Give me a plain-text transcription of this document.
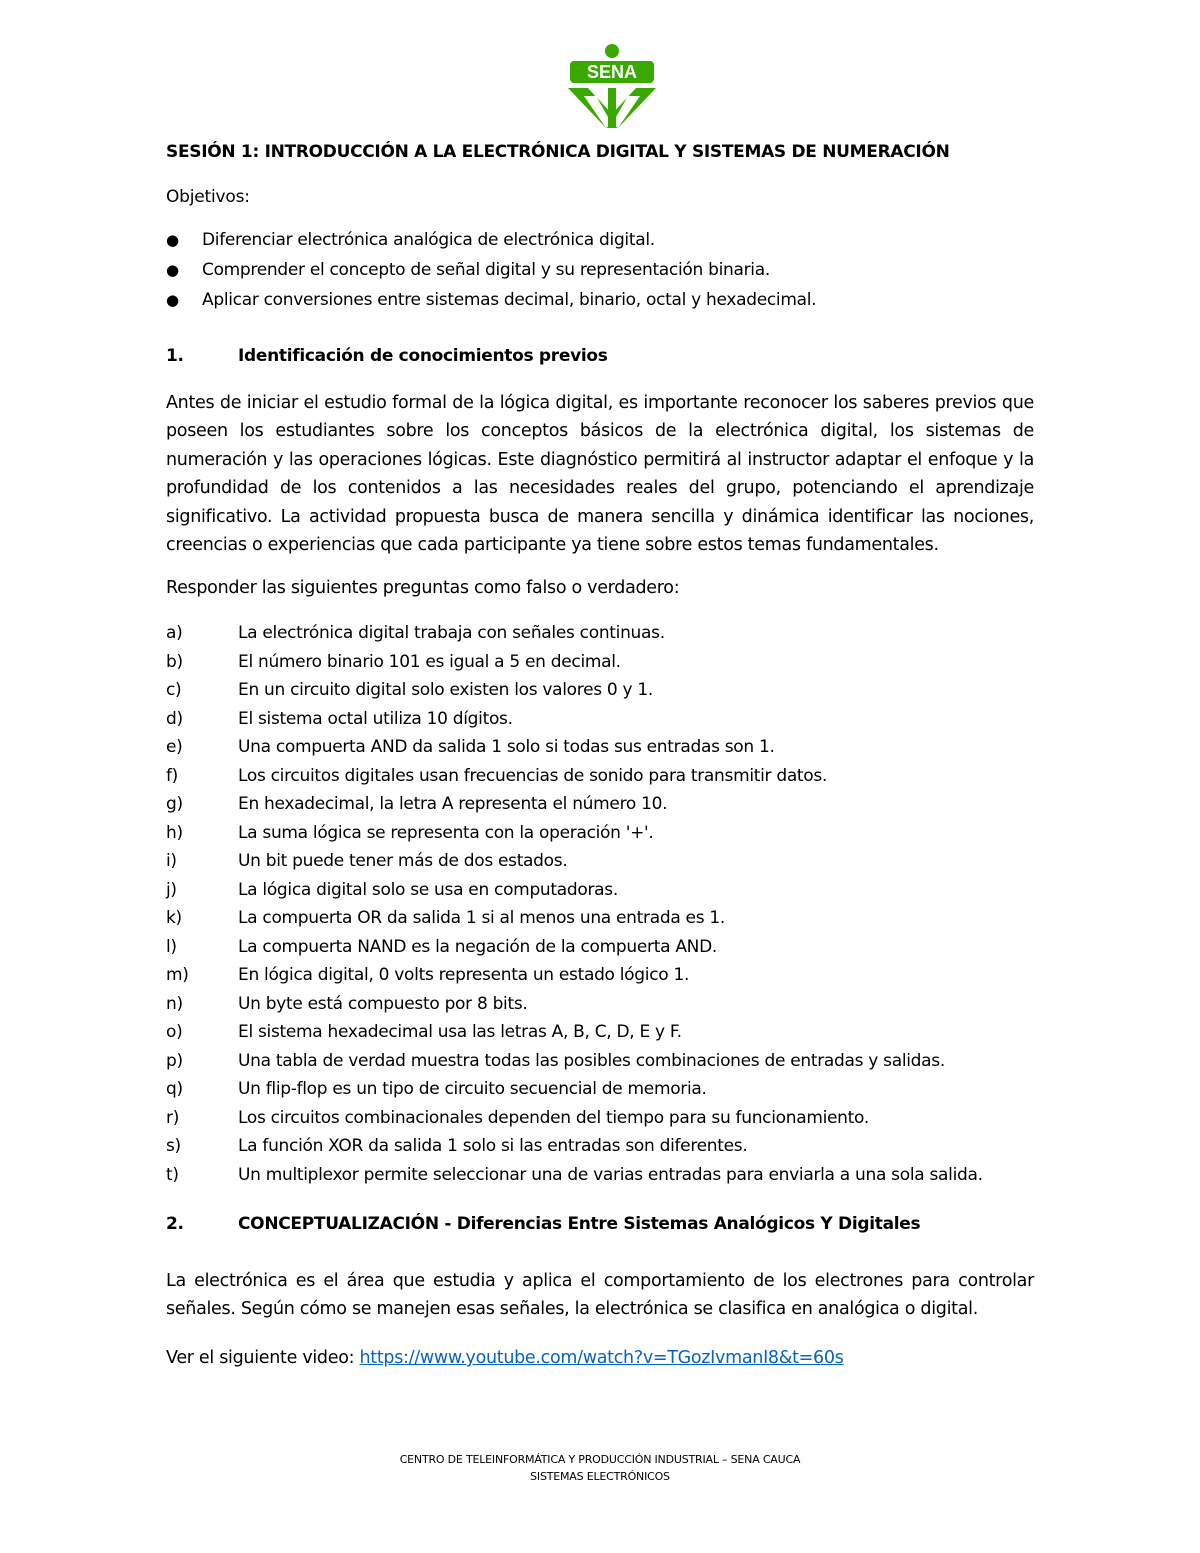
SENA
SESIÓN 1: INTRODUCCIÓN A LA ELECTRÓNICA DIGITAL Y SISTEMAS DE NUMERACIÓN

Objetivos:

●	Diferenciar electrónica analógica de electrónica digital.
●	Comprender el concepto de señal digital y su representación binaria.
●	Aplicar conversiones entre sistemas decimal, binario, octal y hexadecimal.
1.	Identificación de conocimientos previos

Antes de iniciar el estudio formal de la lógica digital, es importante reconocer los saberes previos que poseen los estudiantes sobre los conceptos básicos de la electrónica digital, los sistemas de numeración y las operaciones lógicas. Este diagnóstico permitirá al instructor adaptar el enfoque y la profundidad de los contenidos a las necesidades reales del grupo, potenciando el aprendizaje significativo. La actividad propuesta busca de manera sencilla y dinámica identificar las nociones, creencias o experiencias que cada participante ya tiene sobre estos temas fundamentales.

Responder las siguientes preguntas como falso o verdadero:

a)	La electrónica digital trabaja con señales continuas.
b)	El número binario 101 es igual a 5 en decimal.
c)	En un circuito digital solo existen los valores 0 y 1.
d)	El sistema octal utiliza 10 dígitos.
e)	Una compuerta AND da salida 1 solo si todas sus entradas son 1.
f)	Los circuitos digitales usan frecuencias de sonido para transmitir datos.
g)	En hexadecimal, la letra A representa el número 10.
h)	La suma lógica se representa con la operación '+'.
i)	Un bit puede tener más de dos estados.
j)	La lógica digital solo se usa en computadoras.
k)	La compuerta OR da salida 1 si al menos una entrada es 1.
l)	La compuerta NAND es la negación de la compuerta AND.
m)	En lógica digital, 0 volts representa un estado lógico 1.
n)	Un byte está compuesto por 8 bits.
o)	El sistema hexadecimal usa las letras A, B, C, D, E y F.
p)	Una tabla de verdad muestra todas las posibles combinaciones de entradas y salidas.
q)	Un flip-flop es un tipo de circuito secuencial de memoria.
r)	Los circuitos combinacionales dependen del tiempo para su funcionamiento.
s)	La función XOR da salida 1 solo si las entradas son diferentes.
t)	Un multiplexor permite seleccionar una de varias entradas para enviarla a una sola salida.
2.	CONCEPTUALIZACIÓN - Diferencias Entre Sistemas Analógicos Y Digitales

La electrónica es el área que estudia y aplica el comportamiento de los electrones para controlar señales. Según cómo se manejen esas señales, la electrónica se clasifica en analógica o digital.

Ver el siguiente video: https://www.youtube.com/watch?v=TGozIvmanI8&t=60s

CENTRO DE TELEINFORMÁTICA Y PRODUCCIÓN INDUSTRIAL – SENA CAUCA
SISTEMAS ELECTRÓNICOS
